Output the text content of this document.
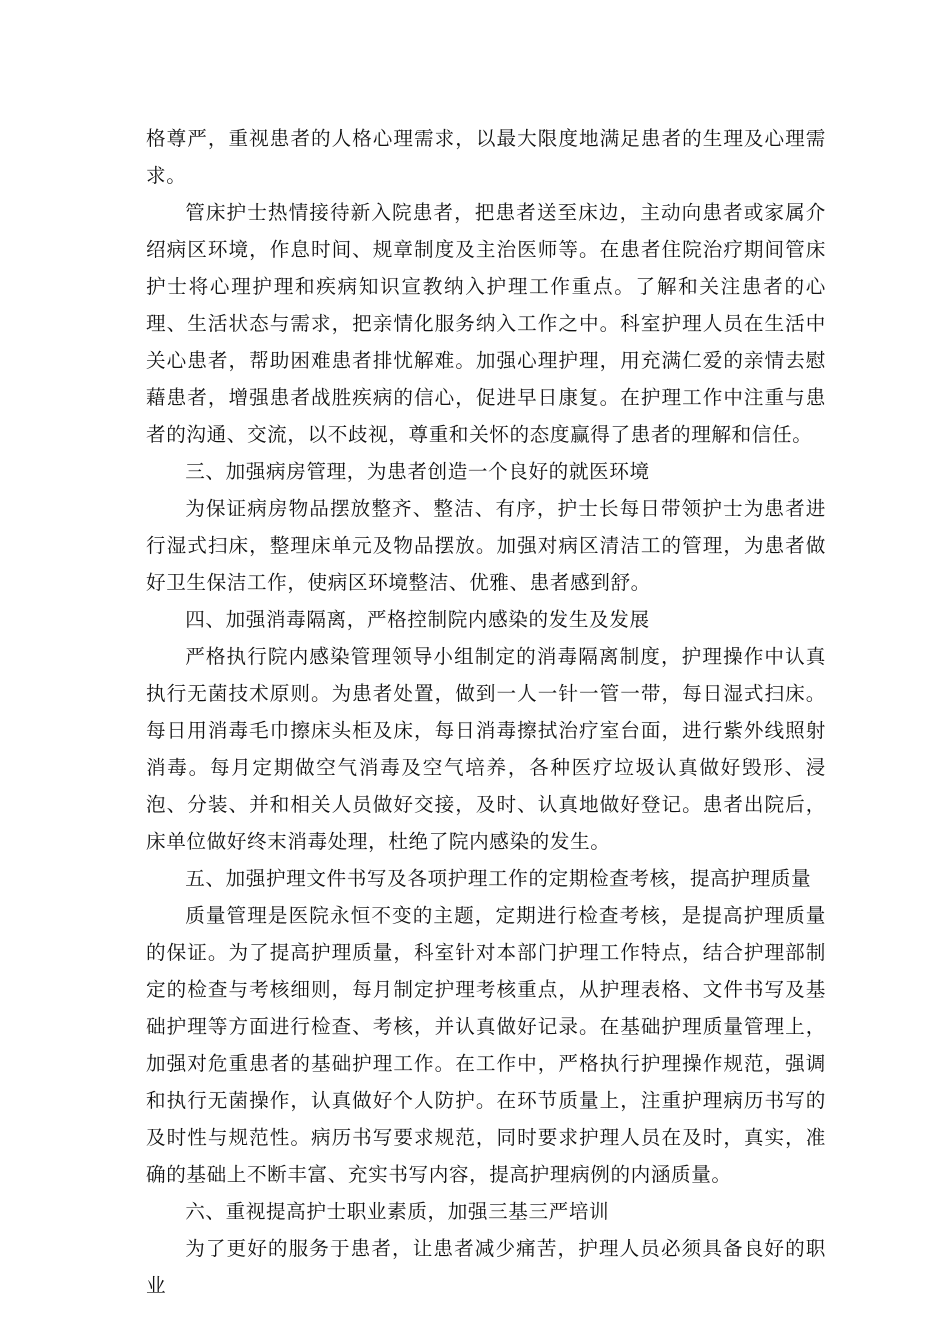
格尊严，重视患者的人格心理需求，以最大限度地满足患者的生理及心理需求。

管床护士热情接待新入院患者，把患者送至床边，主动向患者或家属介绍病区环境，作息时间、规章制度及主治医师等。在患者住院治疗期间管床护士将心理护理和疾病知识宣教纳入护理工作重点。了解和关注患者的心理、生活状态与需求，把亲情化服务纳入工作之中。科室护理人员在生活中关心患者，帮助困难患者排忧解难。加强心理护理，用充满仁爱的亲情去慰藉患者，增强患者战胜疾病的信心，促进早日康复。在护理工作中注重与患者的沟通、交流，以不歧视，尊重和关怀的态度赢得了患者的理解和信任。

三、加强病房管理，为患者创造一个良好的就医环境

为保证病房物品摆放整齐、整洁、有序，护士长每日带领护士为患者进行湿式扫床，整理床单元及物品摆放。加强对病区清洁工的管理，为患者做好卫生保洁工作，使病区环境整洁、优雅、患者感到舒。

四、加强消毒隔离，严格控制院内感染的发生及发展

严格执行院内感染管理领导小组制定的消毒隔离制度，护理操作中认真执行无菌技术原则。为患者处置，做到一人一针一管一带，每日湿式扫床。每日用消毒毛巾擦床头柜及床，每日消毒擦拭治疗室台面，进行紫外线照射消毒。每月定期做空气消毒及空气培养，各种医疗垃圾认真做好毁形、浸泡、分装、并和相关人员做好交接，及时、认真地做好登记。患者出院后，床单位做好终末消毒处理，杜绝了院内感染的发生。

五、加强护理文件书写及各项护理工作的定期检查考核，提高护理质量

质量管理是医院永恒不变的主题，定期进行检查考核，是提高护理质量的保证。为了提高护理质量，科室针对本部门护理工作特点，结合护理部制定的检查与考核细则，每月制定护理考核重点，从护理表格、文件书写及基础护理等方面进行检查、考核，并认真做好记录。在基础护理质量管理上，加强对危重患者的基础护理工作。在工作中，严格执行护理操作规范，强调和执行无菌操作，认真做好个人防护。在环节质量上，注重护理病历书写的及时性与规范性。病历书写要求规范，同时要求护理人员在及时，真实，准确的基础上不断丰富、充实书写内容，提高护理病例的内涵质量。

六、重视提高护士职业素质，加强三基三严培训

为了更好的服务于患者，让患者减少痛苦，护理人员必须具备良好的职业
